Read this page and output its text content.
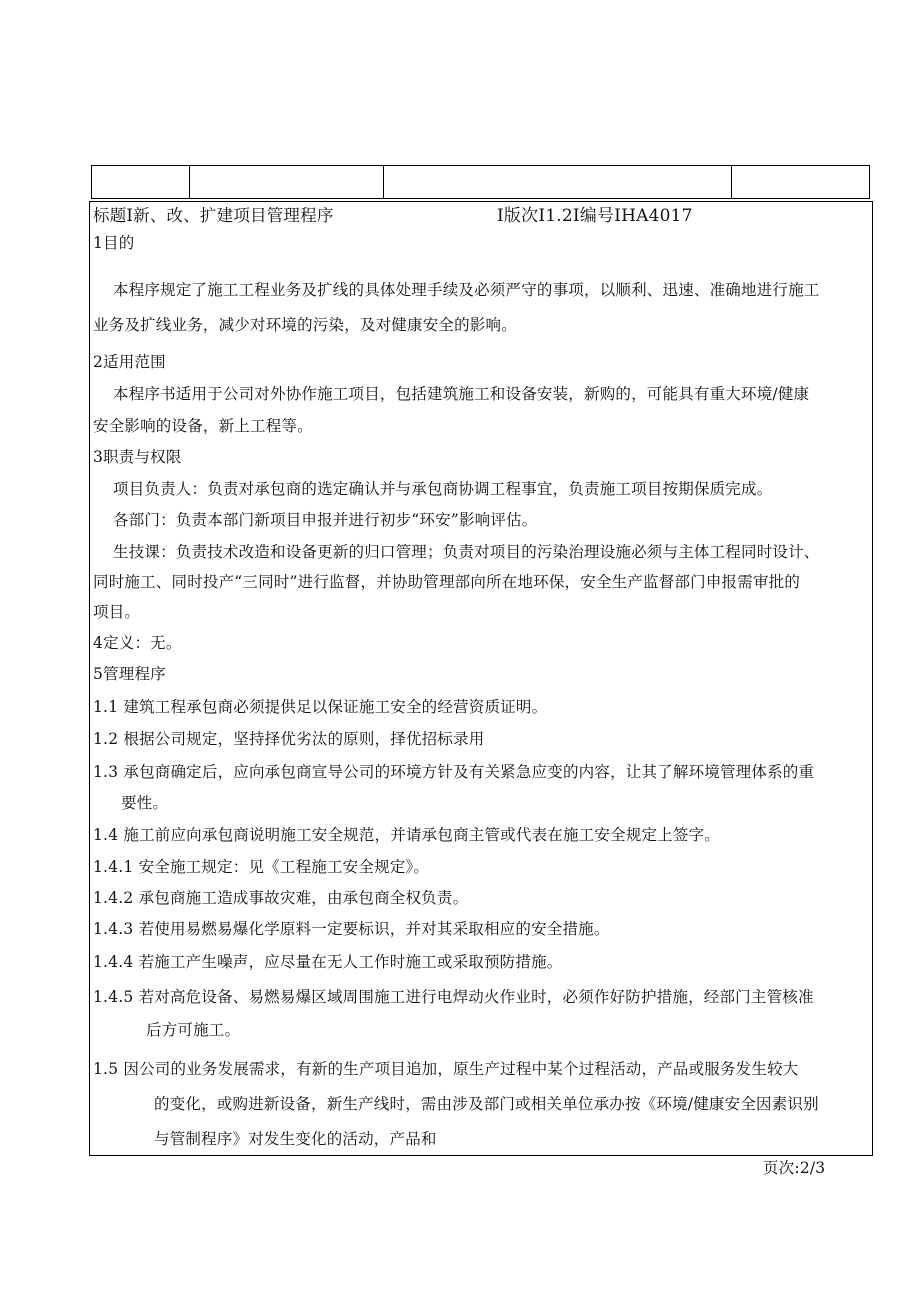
标题I新、改、扩建项目管理程序	I版次I1.2I编号IHA4017
1目的
本程序规定了施工工程业务及扩线的具体处理手续及必须严守的事项，以顺利、迅速、准确地进行施工
业务及扩线业务，减少对环境的污染，及对健康安全的影响。
2适用范围
本程序书适用于公司对外协作施工项目，包括建筑施工和设备安装，新购的，可能具有重大环境/健康
安全影响的设备，新上工程等。
3职责与权限
项目负责人：负责对承包商的选定确认并与承包商协调工程事宜，负责施工项目按期保质完成。
各部门：负责本部门新项目申报并进行初步“环安”影响评估。
生技课：负责技术改造和设备更新的归口管理；负责对项目的污染治理设施必须与主体工程同时设计、
同时施工、同时投产“三同时”进行监督，并协助管理部向所在地环保，安全生产监督部门申报需审批的
项目。
4定义：无。
5管理程序
1.1 建筑工程承包商必须提供足以保证施工安全的经营资质证明。
1.2 根据公司规定，坚持择优劣汰的原则，择优招标录用
1.3 承包商确定后，应向承包商宣导公司的环境方针及有关紧急应变的内容，让其了解环境管理体系的重
要性。
1.4 施工前应向承包商说明施工安全规范，并请承包商主管或代表在施工安全规定上签字。
1.4.1 安全施工规定：见《工程施工安全规定》。
1.4.2 承包商施工造成事故灾难，由承包商全权负责。
1.4.3 若使用易燃易爆化学原料一定要标识，并对其采取相应的安全措施。
1.4.4 若施工产生噪声，应尽量在无人工作时施工或采取预防措施。
1.4.5 若对高危设备、易燃易爆区域周围施工进行电焊动火作业时，必须作好防护措施，经部门主管核准
后方可施工。
1.5 因公司的业务发展需求，有新的生产项目追加，原生产过程中某个过程活动，产品或服务发生较大
的变化，或购进新设备，新生产线时，需由涉及部门或相关单位承办按《环境/健康安全因素识别
与管制程序》对发生变化的活动，产品和
页次:2/3
